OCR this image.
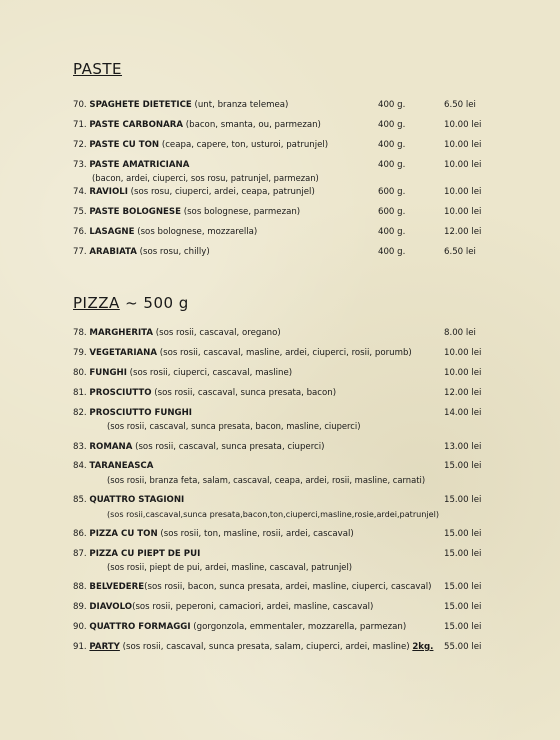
PASTE
70. SPAGHETE DIETETICE (unt, branza telemea)	400 g.	6.50 lei
71. PASTE CARBONARA (bacon, smanta, ou, parmezan)	400 g.	10.00 lei
72. PASTE CU TON (ceapa, capere, ton, usturoi, patrunjel)	400 g.	10.00 lei
73. PASTE AMATRICIANA
(bacon, ardei, ciuperci, sos rosu, patrunjel, parmezan)
400 g.	10.00 lei
74. RAVIOLI (sos rosu, ciuperci, ardei, ceapa, patrunjel)	600 g.	10.00 lei
75. PASTE BOLOGNESE (sos bolognese, parmezan)	600 g.	10.00 lei
76. LASAGNE (sos bolognese, mozzarella)	400 g.	12.00 lei
77. ARABIATA (sos rosu, chilly)	400 g.	6.50 lei
PIZZA ~ 500 g
78. MARGHERITA (sos rosii, cascaval, oregano)	8.00 lei
79. VEGETARIANA (sos rosii, cascaval, masline, ardei, ciuperci, rosii, porumb)	10.00 lei
80. FUNGHI (sos rosii, ciuperci, cascaval, masline)	10.00 lei
81. PROSCIUTTO (sos rosii, cascaval, sunca presata, bacon)	12.00 lei
82. PROSCIUTTO FUNGHI
(sos rosii, cascaval, sunca presata, bacon, masline, ciuperci)
14.00 lei
83. ROMANA (sos rosii, cascaval, sunca presata, ciuperci)	13.00 lei
84. TARANEASCA
(sos rosii, branza feta, salam, cascaval, ceapa, ardei, rosii, masline, carnati)
15.00 lei
85. QUATTRO STAGIONI
(sos rosii,cascaval,sunca presata,bacon,ton,ciuperci,masline,rosie,ardei,patrunjel)
15.00 lei
86. PIZZA CU TON (sos rosii, ton, masline, rosii, ardei, cascaval)	15.00 lei
87. PIZZA CU PIEPT DE PUI
(sos rosii, piept de pui, ardei, masline, cascaval, patrunjel)
15.00 lei
88. BELVEDERE(sos rosii, bacon, sunca presata, ardei, masline, ciuperci, cascaval) 15.00 lei
89. DIAVOLO(sos rosii, peperoni, camaciori, ardei, masline, cascaval)	15.00 lei
90. QUATTRO FORMAGGI (gorgonzola, emmentaler, mozzarella, parmezan)	15.00 lei
91. PARTY (sos rosii, cascaval, sunca presata, salam, ciuperci, ardei, masline) 2kg. 55.00 lei
